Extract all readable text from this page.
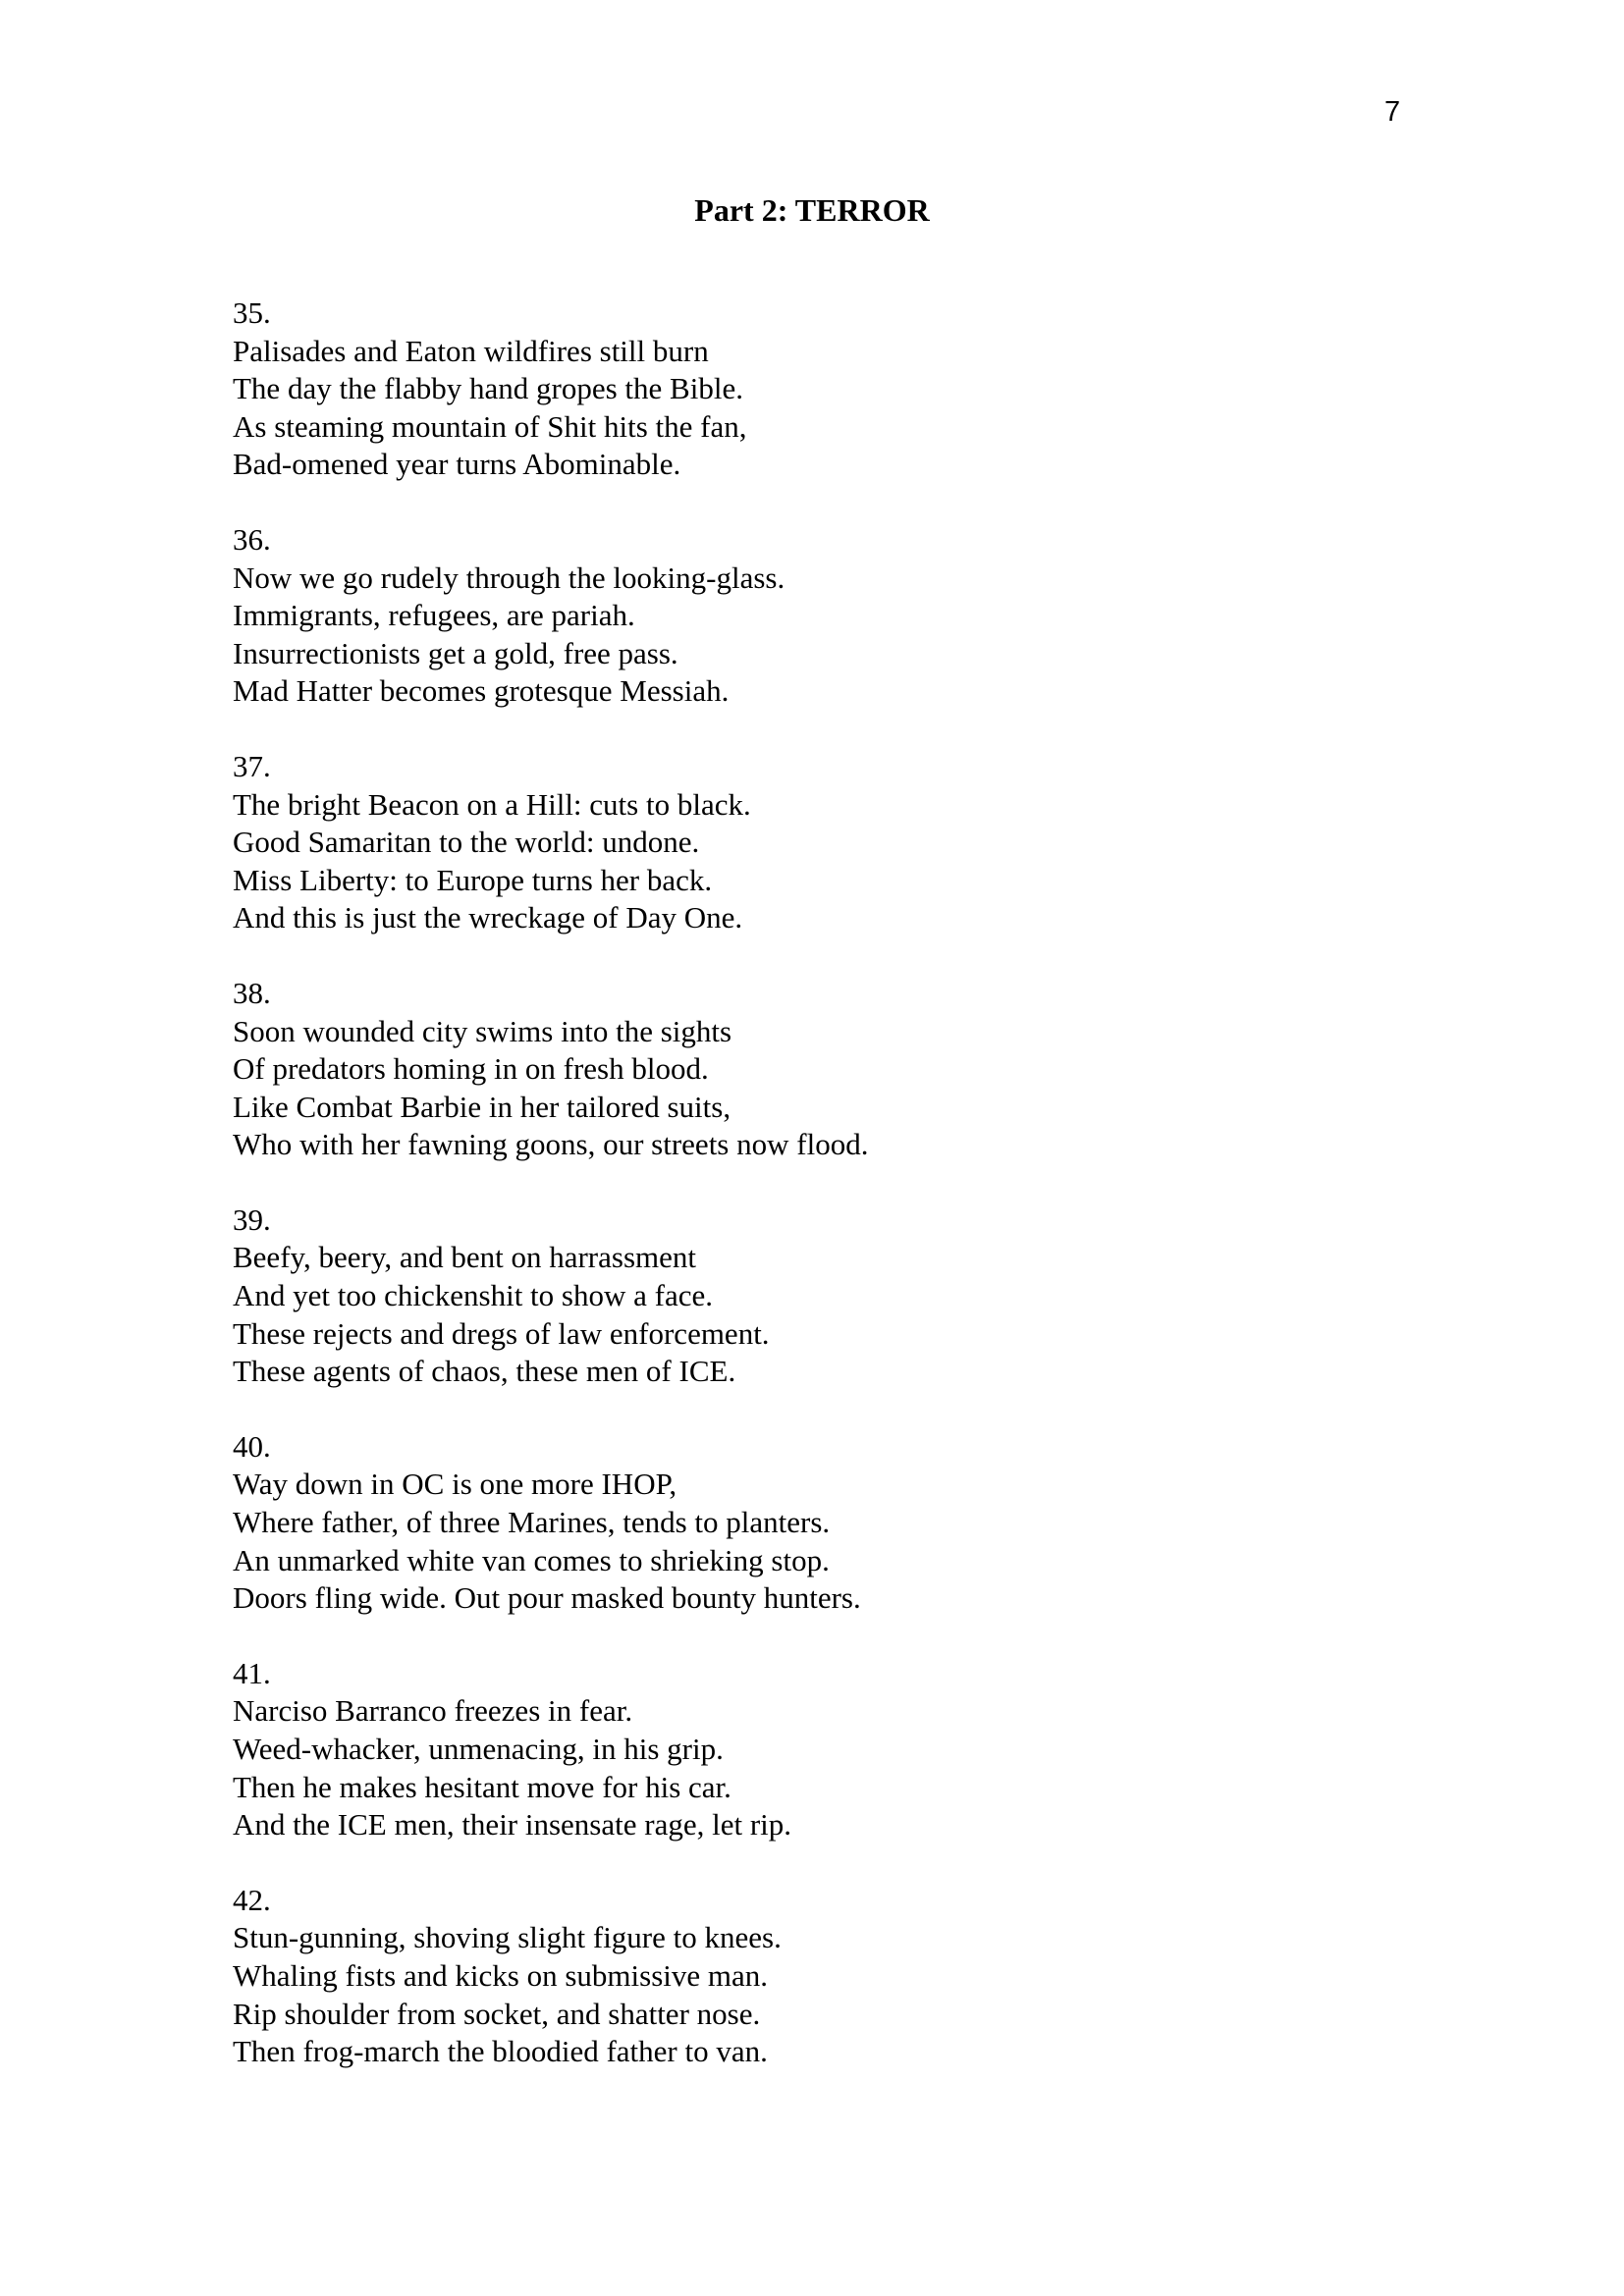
7
Part 2: TERROR
35.
Palisades and Eaton wildfires still burn
The day the flabby hand gropes the Bible.
As steaming mountain of Shit hits the fan,
Bad-omened year turns Abominable.
36.
Now we go rudely through the looking-glass.
Immigrants, refugees, are pariah.
Insurrectionists get a gold, free pass.
Mad Hatter becomes grotesque Messiah.
37.
The bright Beacon on a Hill: cuts to black.
Good Samaritan to the world: undone.
Miss Liberty: to Europe turns her back.
And this is just the wreckage of Day One.
38.
Soon wounded city swims into the sights
Of predators homing in on fresh blood.
Like Combat Barbie in her tailored suits,
Who with her fawning goons, our streets now flood.
39.
Beefy, beery, and bent on harrassment
And yet too chickenshit to show a face.
These rejects and dregs of law enforcement.
These agents of chaos, these men of ICE.
40.
Way down in OC is one more IHOP,
Where father, of three Marines, tends to planters.
An unmarked white van comes to shrieking stop.
Doors fling wide. Out pour masked bounty hunters.
41.
Narciso Barranco freezes in fear.
Weed-whacker, unmenacing, in his grip.
Then he makes hesitant move for his car.
And the ICE men, their insensate rage, let rip.
42.
Stun-gunning, shoving slight figure to knees.
Whaling fists and kicks on submissive man.
Rip shoulder from socket, and shatter nose.
Then frog-march the bloodied father to van.
